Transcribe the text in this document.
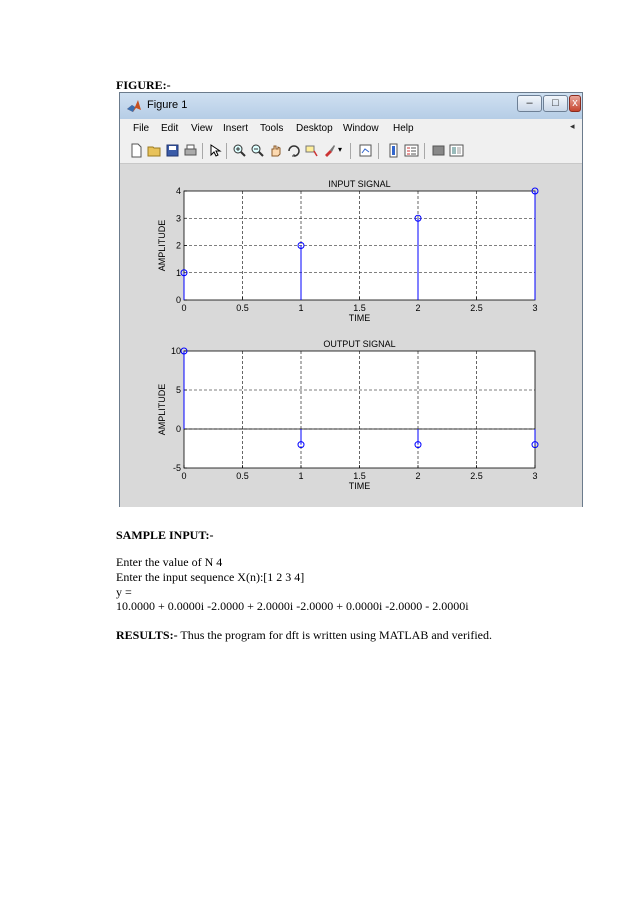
FIGURE:-
Figure 1	–	□	x
File Edit View Insert Tools Desktop Window Help	◂
▾
0	0.5	1	1.5	2	2.5	3
0
1
2
3
4
INPUT SIGNAL
TIME
AMPLITUDE
0	0.5	1	1.5	2	2.5	3
-5
0
5
10
OUTPUT SIGNAL
TIME
AMPLITUDE
SAMPLE INPUT:-
Enter the value of N 4
Enter the input sequence X(n):[1 2 3 4]
y =
10.0000 + 0.0000i -2.0000 + 2.0000i -2.0000 + 0.0000i -2.0000 - 2.0000i
RESULTS:- Thus the program for dft is written using MATLAB and verified.
